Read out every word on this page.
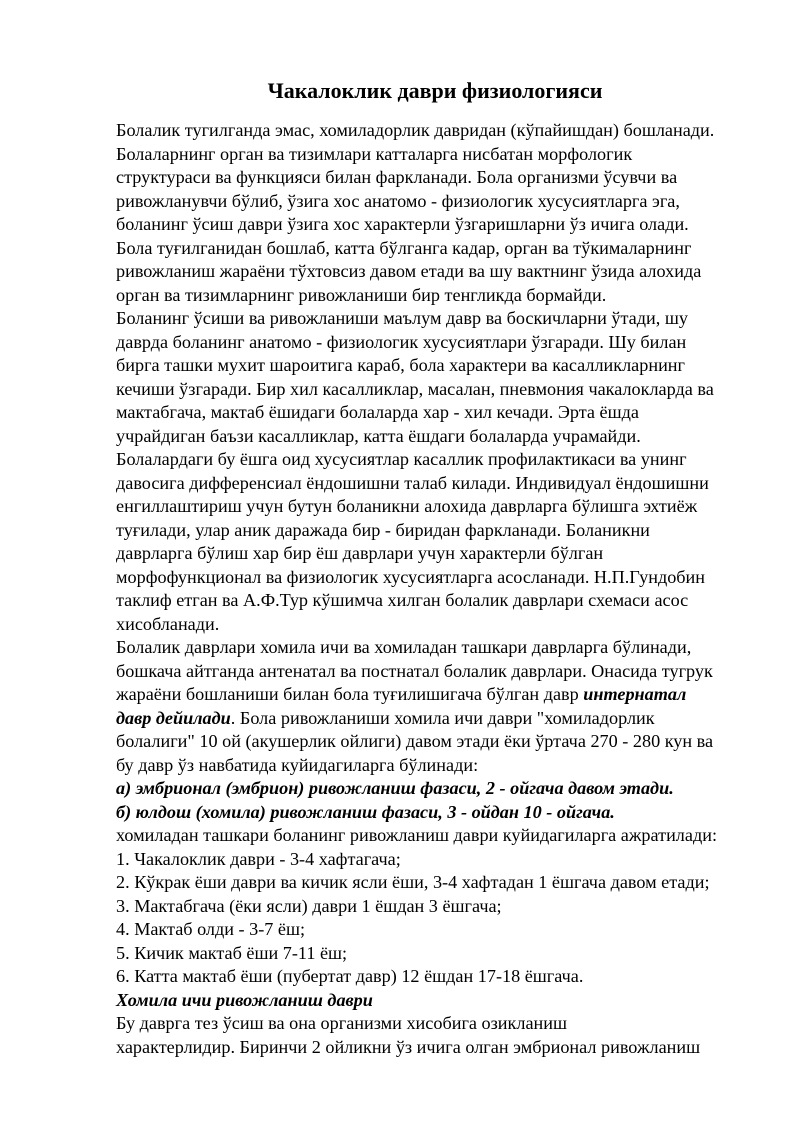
Чакалоклик даври физиологияси

Болалик тугилганда эмас, хомиладорлик давридан (кўпайишдан) бошланади.

Болаларнинг орган ва тизимлари катталарга нисбатан морфологик

структураси ва функцияси билан фаркланади. Бола организми ўсувчи ва

ривожланувчи бўлиб, ўзига хос анатомо - физиологик хусусиятларга эга,

боланинг ўсиш даври ўзига хос характерли ўзгаришларни ўз ичига олади.

Бола туғилганидан бошлаб, катта бўлганга кадар, орган ва тўкималарнинг

ривожланиш жараёни тўхтовсиз давом етади ва шу вактнинг ўзида алохида

орган ва тизимларнинг ривожланиши бир тенгликда бормайди.

Боланинг ўсиши ва ривожланиши маълум давр ва боскичларни ўтади, шу

даврда боланинг анатомо - физиологик хусусиятлари ўзгаради. Шу билан

бирга ташки мухит шароитига караб, бола характери ва касалликларнинг

кечиши ўзгаради. Бир хил касалликлар, масалан, пневмония чакалокларда ва

мактабгача, мактаб ёшидаги болаларда хар - хил кечади. Эрта ёшда

учрайдиган баъзи касалликлар, катта ёшдаги болаларда учрамайди.

Болалардаги бу ёшга оид хусусиятлар касаллик профилактикаси ва унинг

давосига дифференсиал ёндошишни талаб килади. Индивидуал ёндошишни

енгиллаштириш учун бутун боланикни алохида даврларга бўлишга эхтиёж

туғилади, улар аник даражада бир - биридан фаркланади. Боланикни

даврларга бўлиш хар бир ёш даврлари учун характерли бўлган

морфофункционал ва физиологик хусусиятларга асосланади. Н.П.Гундобин

таклиф етган ва А.Ф.Тур кўшимча хилган болалик даврлари схемаси асос

хисобланади.

Болалик даврлари хомила ичи ва хомиладан ташкари даврларга бўлинади,

бошкача айтганда антенатал ва постнатал болалик даврлари. Онасида тугрук

жараёни бошланиши билан бола туғилишигача бўлган давр интернатал

давр дейилади. Бола ривожланиши хомила ичи даври "хомиладорлик

болалиги" 10 ой (акушерлик ойлиги) давом этади ёки ўртача 270 - 280 кун ва

бу давр ўз навбатида куйидагиларга бўлинади:

а) эмбрионал (эмбрион) ривожланиш фазаси, 2 - ойгача давом этади.

б) юлдош (хомила) ривожланиш фазаси, 3 - ойдан 10 - ойгача.

хомиладан ташкари боланинг ривожланиш даври куйидагиларга ажратилади:

1. Чакалоклик даври - 3-4 хафтагача;

2. Кўкрак ёши даври ва кичик ясли ёши, 3-4 хафтадан 1 ёшгача давом етади;

3. Мактабгача (ёки ясли) даври 1 ёшдан 3 ёшгача;

4. Мактаб олди - 3-7 ёш;

5. Кичик мактаб ёши 7-11 ёш;

6. Катта мактаб ёши (пубертат давр) 12 ёшдан 17-18 ёшгача.

Хомила ичи ривожланиш даври

Бу даврга тез ўсиш ва она организми хисобига озикланиш

характерлидир. Биринчи 2 ойликни ўз ичига олган эмбрионал ривожланиш
